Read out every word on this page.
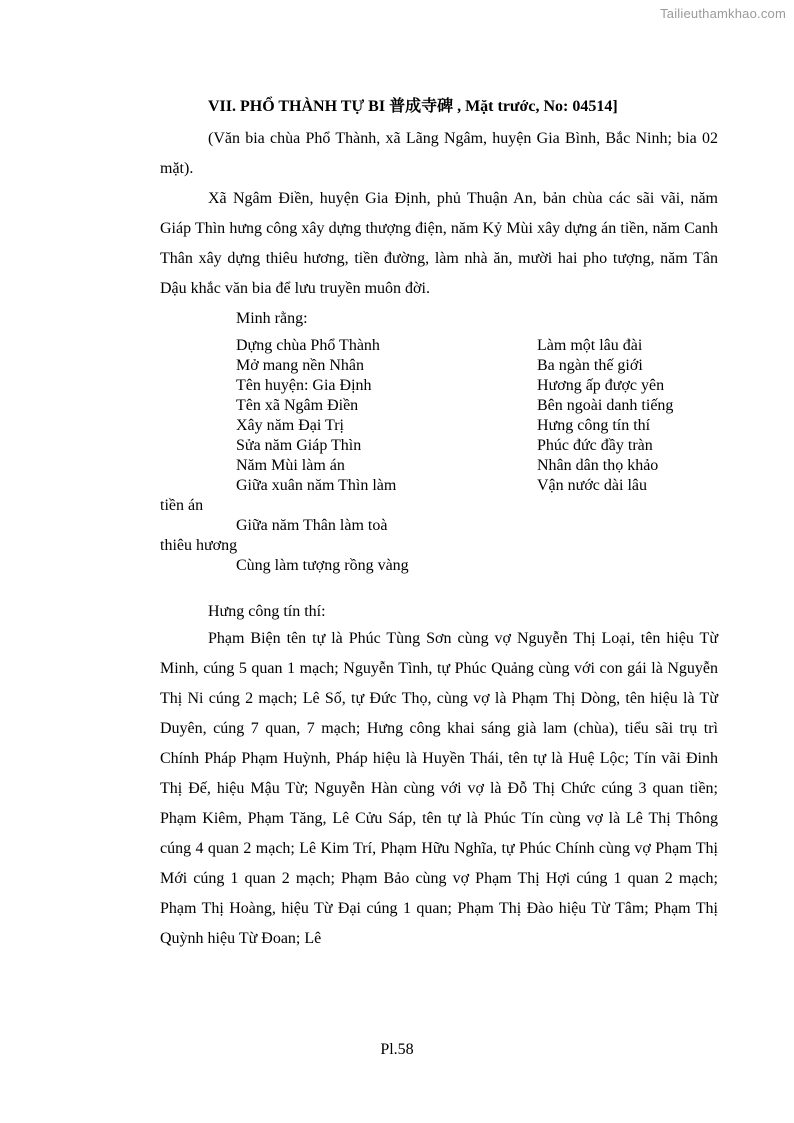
Tailieuthamkhao.com
VII. PHỔ THÀNH TỰ BI 普成寺碑 , Mặt trước, No: 04514]

(Văn bia chùa Phổ Thành, xã Lãng Ngâm, huyện Gia Bình, Bắc Ninh; bia 02 mặt).

Xã Ngâm Điền, huyện Gia Định, phủ Thuận An, bản chùa các sãi vãi, năm Giáp Thìn hưng công xây dựng thượng điện, năm Kỷ Mùi xây dựng án tiền, năm Canh Thân xây dựng thiêu hương, tiền đường, làm nhà ăn, mười hai pho tượng, năm Tân Dậu khắc văn bia để lưu truyền muôn đời.

Minh rằng:
Dựng chùa Phổ Thành
Mở mang nền Nhân
Tên huyện: Gia Định
Tên xã Ngâm Điền
Xây năm Đại Trị
Sửa năm Giáp Thìn
Năm Mùi làm án
Giữa xuân năm Thìn làm tiền án
Giữa năm Thân làm toà thiêu hương
Cùng làm tượng rồng vàng
Làm một lâu đài
Ba ngàn thế giới
Hương ấp được yên
Bên ngoài danh tiếng
Hưng công tín thí
Phúc đức đầy tràn
Nhân dân thọ khảo
Vận nước dài lâu
Hưng công tín thí:

Phạm Biện tên tự là Phúc Tùng Sơn cùng vợ Nguyễn Thị Loại, tên hiệu Từ Minh, cúng 5 quan 1 mạch; Nguyễn Tình, tự Phúc Quảng cùng với con gái là Nguyễn Thị Ni cúng 2 mạch; Lê Số, tự Đức Thọ, cùng vợ là Phạm Thị Dòng, tên hiệu là Từ Duyên, cúng 7 quan, 7 mạch; Hưng công khai sáng già lam (chùa), tiểu sãi trụ trì Chính Pháp Phạm Huỳnh, Pháp hiệu là Huyền Thái, tên tự là Huệ Lộc; Tín vãi Đinh Thị Đế, hiệu Mậu Từ; Nguyễn Hàn cùng với vợ là Đỗ Thị Chức cúng 3 quan tiền; Phạm Kiêm, Phạm Tăng, Lê Cửu Sáp, tên tự là Phúc Tín cùng vợ là Lê Thị Thông cúng 4 quan 2 mạch; Lê Kim Trí, Phạm Hữu Nghĩa, tự Phúc Chính cùng vợ Phạm Thị Mới cúng 1 quan 2 mạch; Phạm Bảo cùng vợ Phạm Thị Hợi cúng 1 quan 2 mạch; Phạm Thị Hoàng, hiệu Từ Đại cúng 1 quan; Phạm Thị Đào hiệu Từ Tâm; Phạm Thị Quỳnh hiệu Từ Đoan; Lê

Pl.58
